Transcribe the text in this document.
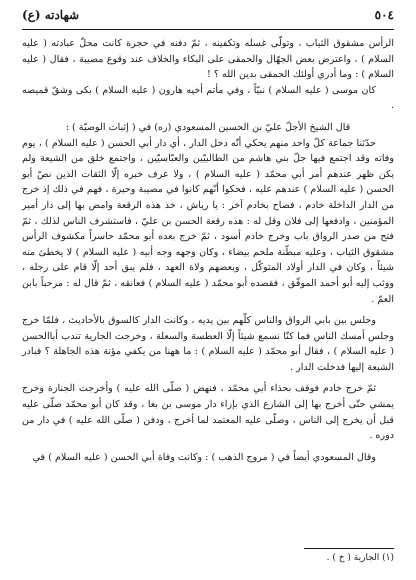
٥٠٤
شهادته (ع)

الرأس مشقوق الثياب ، وتولّى غسله وتكفينه ، ثمّ دفنه في حجرة كانت محلّ عبادته ( عليه السلام ) ، واعترض بعض الجهّال والحمقى على البكاء والخلاف عند وقوع مصيبة ، فقال ( عليه السلام ) : وما أدري أولئك الحمقى بدين الله ؟ !

كان موسى ( عليه السلام ) نبيّاً ، وفي مأتم أخيه هارون ( عليه السلام ) بكى وشقّ قميصه .

قال الشيخ الأجلّ عليّ بن الحسين المسعودي (ره) في ( إثبات الوصيّة ) :

حدّثنا جماعة كلّ واحد منهم يحكي أنّه دخل الدار ، أي دار أبي الحسن ( عليه السلام ) ، يوم وفاته وقد اجتمع فيها جلّ بني هاشم من الطالبيّين والعبّاسيّين ، واجتمع خلق من الشيعة ولم يكن ظهر عندهم أمر أبي محمّد ( عليه السلام ) ، ولا عرف خبره إلّا الثقات الذين نصّ أبو الحسن ( عليه السلام ) عندهم عليه ، فحكوا أنّهم كانوا في مصيبة وحيرة ، فهم في ذلك إذ خرج من الدار الداخلة خادم ، فصاح بخادم آخر : يا رياش ، خذ هذه الرقعة وامض بها إلى دار أمير المؤمنين ، وادفعها إلى فلان وقل له : هذه رقعة الحسن بن عليّ ، فاستشرف الناس لذلك ، ثمّ فتح من صدر الرواق باب وخرج خادم أسود ، ثمّ خرج بعده أبو محمّد حاسراً مكشوف الرأس مشقوق الثياب ، وعليه مبطّنة ملحم بيضاء ، وكان وجهه وجه أبيه ( عليه السلام ) لا يخطئ منه شيئاً ، وكان في الدار أولاد المتوكّل ، وبعضهم ولاة العهد ، فلم يبق أحد إلّا قام على رجله ، ووثب إليه أبو أحمد الموفّق ، فقصده أبو محمّد ( عليه السلام ) فعانقه ، ثمّ قال له : مرحباً بابن العمّ .

وجلس بين بابي الرواق والناس كلّهم بين يديه ، وكانت الدار كالسوق بالأحاديث ، فلمّا خرج وجلس أمسك الناس فما كنّا نسمع شيئاً إلّا العطسة والسعلة ، وخرجت الجارية تندب أباالحسن ( عليه السلام ) ، فقال أبو محمّد ( عليه السلام ) : ما ههنا من يكفي مؤنة هذه الجاهلة ؟ فبادر الشيعة إليها فدخلت الدار .

ثمّ خرج خادم فوقف بحذاء أبي محمّد ، فنهض ( صلّى الله عليه ) وأخرجت الجنازة وخرج يمشي حتّى أخرج بها إلى الشارع الذي بإزاء دار موسى بن بغا ، وقد كان أبو محمّد صلّى عليه قبل أن يخرج إلى الناس ، وصلّى عليه المعتمد لما أخرج ، ودفن ( صلّى الله عليه ) في دار من دوره .

وقال المسعودي أيضاً في ( مروج الذهب ) : وكانت وفاة أبي الحسن ( عليه السلام ) في

(١) الجارية ( خ ) .
